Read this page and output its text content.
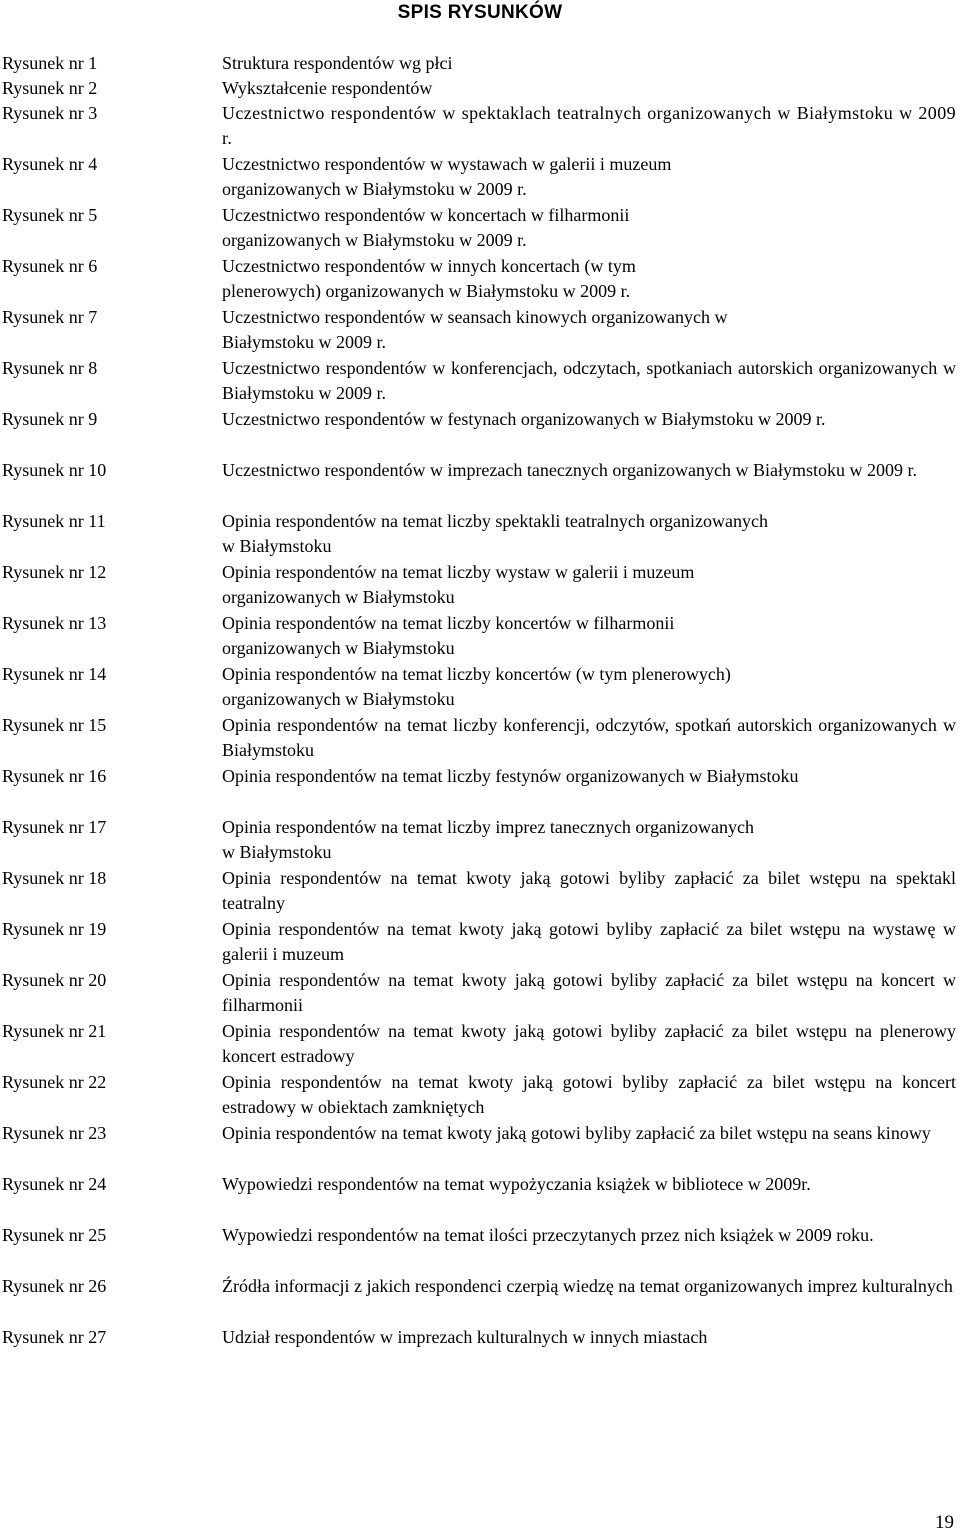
SPIS RYSUNKÓW
Rysunek nr 1	Struktura respondentów wg płci
Rysunek nr 2	Wykształcenie respondentów
Rysunek nr 3	Uczestnictwo respondentów w spektaklach teatralnych organizowanych w Białymstoku w 2009 r.
Rysunek nr 4	Uczestnictwo respondentów w wystawach w galerii i muzeum
organizowanych w Białymstoku w 2009 r.
Rysunek nr 5	Uczestnictwo respondentów w koncertach w filharmonii
organizowanych w Białymstoku w 2009 r.
Rysunek nr 6	Uczestnictwo respondentów w innych koncertach (w tym
plenerowych) organizowanych w Białymstoku w 2009 r.
Rysunek nr 7	Uczestnictwo respondentów w seansach kinowych organizowanych w
Białymstoku w 2009 r.
Rysunek nr 8	Uczestnictwo respondentów w konferencjach, odczytach, spotkaniach autorskich organizowanych w Białymstoku w 2009 r.
Rysunek nr 9	Uczestnictwo respondentów w festynach organizowanych w Białymstoku w 2009 r.
Rysunek nr 10	Uczestnictwo respondentów w imprezach tanecznych organizowanych w Białymstoku w 2009 r.
Rysunek nr 11	Opinia respondentów na temat liczby spektakli teatralnych organizowanych
w Białymstoku
Rysunek nr 12	Opinia respondentów na temat liczby wystaw w galerii i muzeum
organizowanych w Białymstoku
Rysunek nr 13	Opinia respondentów na temat liczby koncertów w filharmonii
organizowanych w Białymstoku
Rysunek nr 14	Opinia respondentów na temat liczby koncertów (w tym plenerowych)
organizowanych w Białymstoku
Rysunek nr 15	Opinia respondentów na temat liczby konferencji, odczytów, spotkań autorskich organizowanych w Białymstoku
Rysunek nr 16	Opinia respondentów na temat liczby festynów organizowanych w Białymstoku
Rysunek nr 17	Opinia respondentów na temat liczby imprez tanecznych organizowanych
w Białymstoku
Rysunek nr 18	Opinia respondentów na temat kwoty jaką gotowi byliby zapłacić za bilet wstępu na spektakl teatralny
Rysunek nr 19	Opinia respondentów na temat kwoty jaką gotowi byliby zapłacić za bilet wstępu na wystawę w galerii i muzeum
Rysunek nr 20	Opinia respondentów na temat kwoty jaką gotowi byliby zapłacić za bilet wstępu na koncert w filharmonii
Rysunek nr 21	Opinia respondentów na temat kwoty jaką gotowi byliby zapłacić za bilet wstępu na plenerowy koncert estradowy
Rysunek nr 22	Opinia respondentów na temat kwoty jaką gotowi byliby zapłacić za bilet wstępu na koncert estradowy w obiektach zamkniętych
Rysunek nr 23	Opinia respondentów na temat kwoty jaką gotowi byliby zapłacić za bilet wstępu na seans kinowy
Rysunek nr 24	Wypowiedzi respondentów na temat wypożyczania książek w bibliotece w 2009r.
Rysunek nr 25	Wypowiedzi respondentów na temat ilości przeczytanych przez nich książek w 2009 roku.
Rysunek nr 26	Źródła informacji z jakich respondenci czerpią wiedzę na temat organizowanych imprez kulturalnych
Rysunek nr 27	Udział respondentów w imprezach kulturalnych w innych miastach
19
